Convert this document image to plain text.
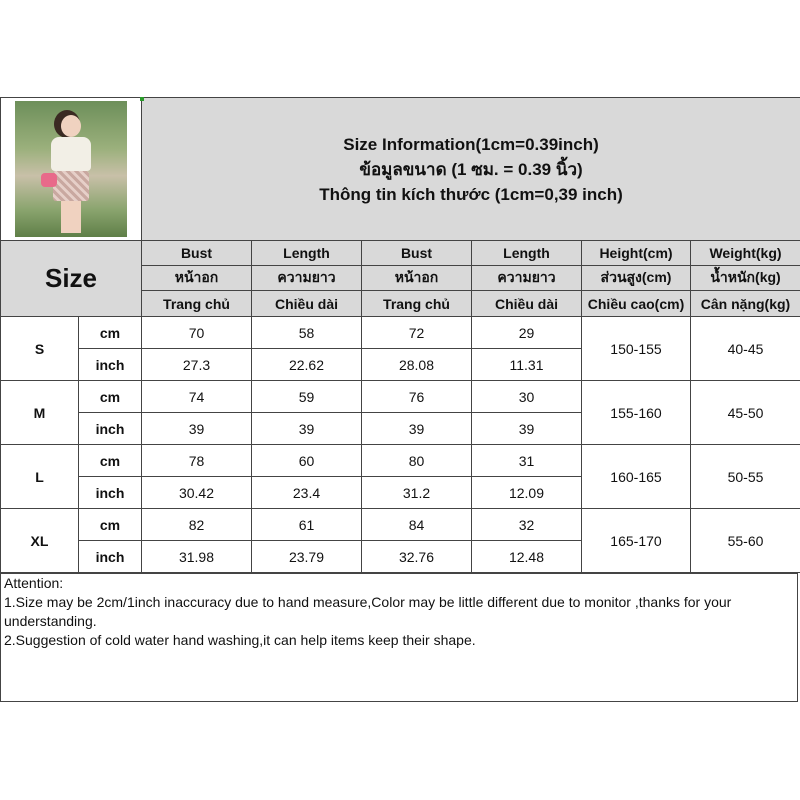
		Size Information(1cm=0.39inch)
ข้อมูลขนาด (1 ซม. = 0.39 นิ้ว)
Thông tin kích thước (1cm=0,39 inch)					

Size		Bust	Length	Bust	Length	Height(cm)	Weight(kg)
		หน้าอก	ความยาว	หน้าอก	ความยาว	ส่วนสูง(cm)	น้ำหนัก(kg)
		Trang chủ	Chiều dài	Trang chủ	Chiều dài	Chiều cao(cm)	Cân nặng(kg)
S	cm	70	58	72	29	150-155	40-45
	inch	27.3	22.62	28.08	11.31		
M	cm	74	59	76	30	155-160	45-50
	inch	39	39	39	39		
L	cm	78	60	80	31	160-165	50-55
	inch	30.42	23.4	31.2	12.09		
XL	cm	82	61	84	32	165-170	55-60
	inch	31.98	23.79	32.76	12.48		
Attention:
1.Size may be 2cm/1inch inaccuracy due to hand measure,Color may be little different due to monitor ,thanks for your understanding.
2.Suggestion of cold water hand washing,it can help items keep their shape.
